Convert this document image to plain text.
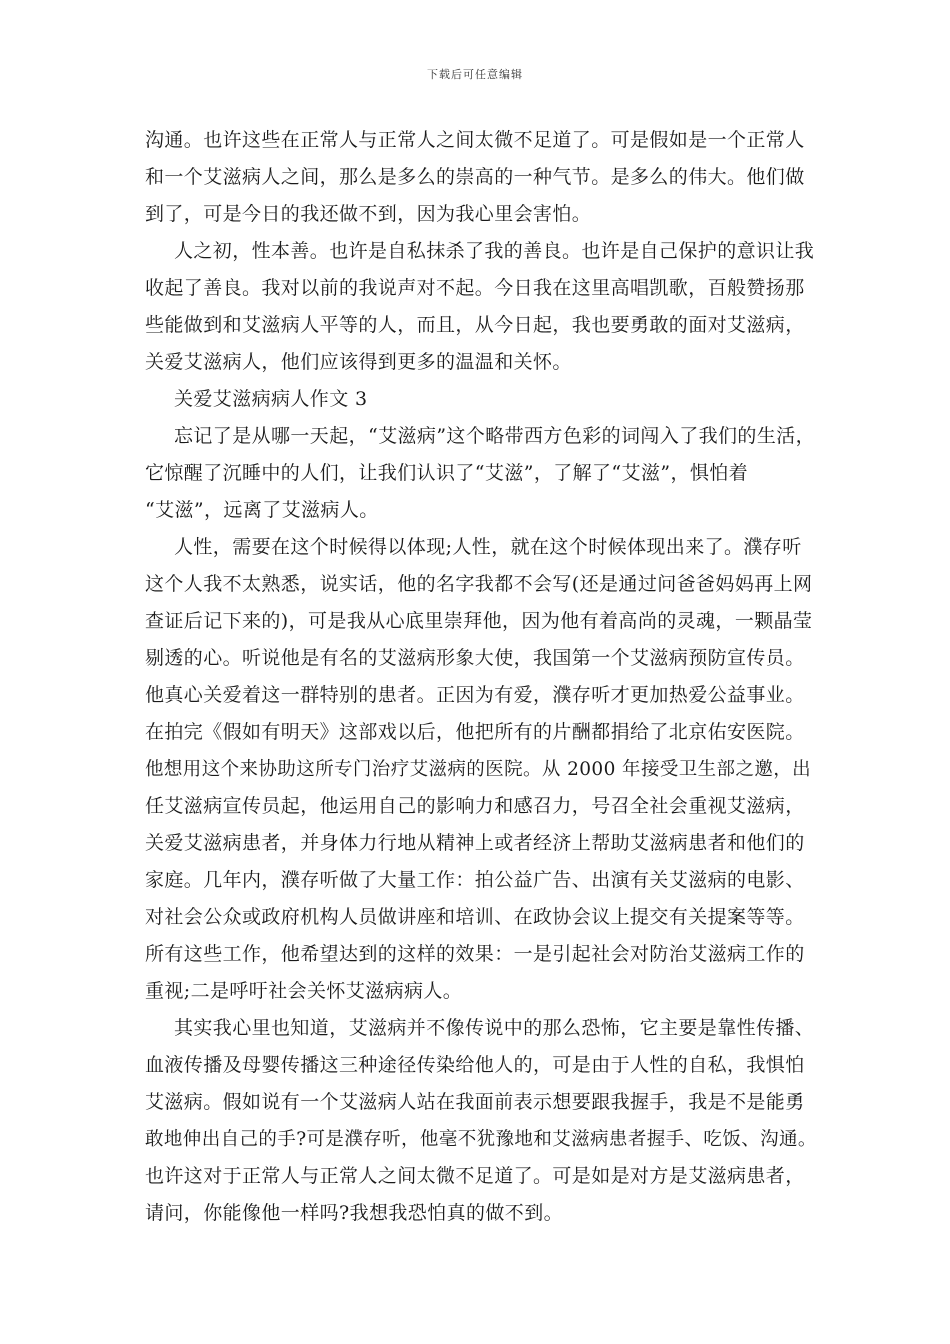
下载后可任意编辑
沟通。也许这些在正常人与正常人之间太微不足道了。可是假如是一个正常人
和一个艾滋病人之间，那么是多么的崇高的一种气节。是多么的伟大。他们做
到了，可是今日的我还做不到，因为我心里会害怕。
人之初，性本善。也许是自私抹杀了我的善良。也许是自己保护的意识让我
收起了善良。我对以前的我说声对不起。今日我在这里高唱凯歌，百般赞扬那
些能做到和艾滋病人平等的人，而且，从今日起，我也要勇敢的面对艾滋病，
关爱艾滋病人，他们应该得到更多的温温和关怀。
关爱艾滋病病人作文 3
忘记了是从哪一天起，“艾滋病”这个略带西方色彩的词闯入了我们的生活，
它惊醒了沉睡中的人们，让我们认识了“艾滋”，了解了“艾滋”，惧怕着
“艾滋”，远离了艾滋病人。
人性，需要在这个时候得以体现;人性，就在这个时候体现出来了。濮存听
这个人我不太熟悉，说实话，他的名字我都不会写(还是通过问爸爸妈妈再上网
查证后记下来的)，可是我从心底里崇拜他，因为他有着高尚的灵魂，一颗晶莹
剔透的心。听说他是有名的艾滋病形象大使，我国第一个艾滋病预防宣传员。
他真心关爱着这一群特别的患者。正因为有爱，濮存听才更加热爱公益事业。
在拍完《假如有明天》这部戏以后，他把所有的片酬都捐给了北京佑安医院。
他想用这个来协助这所专门治疗艾滋病的医院。从 2000 年接受卫生部之邀，出
任艾滋病宣传员起，他运用自己的影响力和感召力，号召全社会重视艾滋病，
关爱艾滋病患者，并身体力行地从精神上或者经济上帮助艾滋病患者和他们的
家庭。几年内，濮存听做了大量工作：拍公益广告、出演有关艾滋病的电影、
对社会公众或政府机构人员做讲座和培训、在政协会议上提交有关提案等等。
所有这些工作，他希望达到的这样的效果：一是引起社会对防治艾滋病工作的
重视;二是呼吁社会关怀艾滋病病人。
其实我心里也知道，艾滋病并不像传说中的那么恐怖，它主要是靠性传播、
血液传播及母婴传播这三种途径传染给他人的，可是由于人性的自私，我惧怕
艾滋病。假如说有一个艾滋病人站在我面前表示想要跟我握手，我是不是能勇
敢地伸出自己的手?可是濮存听，他毫不犹豫地和艾滋病患者握手、吃饭、沟通。
也许这对于正常人与正常人之间太微不足道了。可是如是对方是艾滋病患者，
请问，你能像他一样吗?我想我恐怕真的做不到。
